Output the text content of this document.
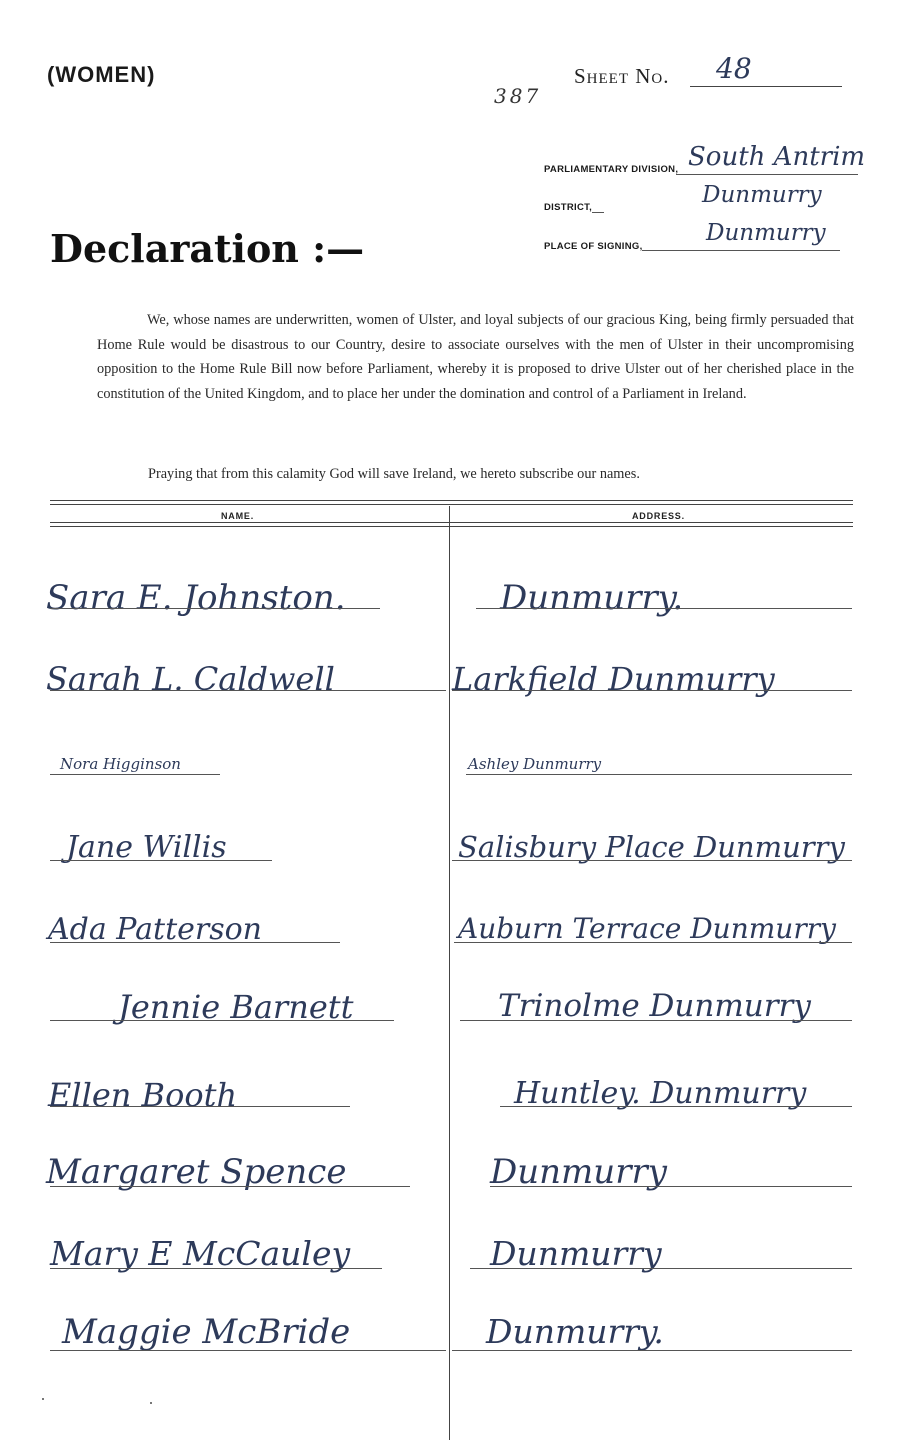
(WOMEN)
387
Sheet No. 48
PARLIAMENTARY DIVISION, South Antrim
DISTRICT,	Dunmurry
PLACE OF SIGNING,
Dunmurry
Declaration :—
We, whose names are underwritten, women of Ulster, and loyal subjects of our gracious King, being firmly persuaded that Home Rule would be disastrous to our Country, desire to associate ourselves with the men of Ulster in their uncompromising opposition to the Home Rule Bill now before Parliament, whereby it is proposed to drive Ulster out of her cherished place in the constitution of the United Kingdom, and to place her under the domination and control of a Parliament in Ireland.
Praying that from this calamity God will save Ireland, we hereto subscribe our names.
NAME.	ADDRESS.
Sara E. Johnston.	Dunmurry.
Sarah L. Caldwell	Larkfield Dunmurry
Nora Higginson	Ashley Dunmurry
Jane Willis	Salisbury Place Dunmurry
Ada Patterson	Auburn Terrace Dunmurry
Jennie Barnett	Trinolme Dunmurry
Ellen Booth	Huntley. Dunmurry
Margaret Spence	Dunmurry
Mary E McCauley	Dunmurry
Maggie McBride	Dunmurry.
